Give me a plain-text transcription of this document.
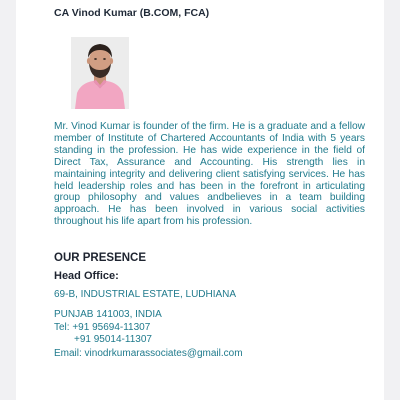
CA Vinod Kumar (B.COM, FCA)

Mr. Vinod Kumar is founder of the firm. He is a graduate and a fellow member of Institute of Chartered Accountants of India with 5 years standing in the profession. He has wide experience in the field of Direct Tax, Assurance and Accounting. His strength lies in maintaining integrity and delivering client satisfying services. He has held leadership roles and has been in the forefront in articulating group philosophy and values andbelieves in a team building approach. He has been involved in various social activities throughout his life apart from his profession.

OUR PRESENCE
Head Office:
69-B, INDUSTRIAL ESTATE, LUDHIANA
PUNJAB 141003, INDIA
Tel: +91 95694-11307
+91 95014-11307
Email: vinodrkumarassociates@gmail.com
